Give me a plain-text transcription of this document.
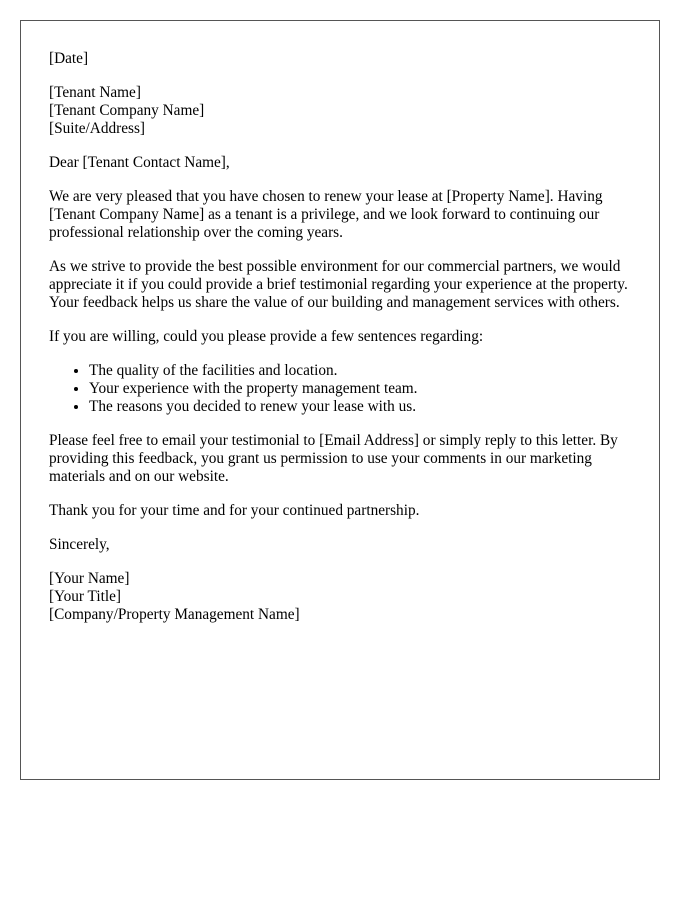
[Date]

[Tenant Name]
[Tenant Company Name]
[Suite/Address]

Dear [Tenant Contact Name],

We are very pleased that you have chosen to renew your lease at [Property Name]. Having [Tenant Company Name] as a tenant is a privilege, and we look forward to continuing our professional relationship over the coming years.

As we strive to provide the best possible environment for our commercial partners, we would appreciate it if you could provide a brief testimonial regarding your experience at the property. Your feedback helps us share the value of our building and management services with others.

If you are willing, could you please provide a few sentences regarding:

• The quality of the facilities and location.
• Your experience with the property management team.
• The reasons you decided to renew your lease with us.

Please feel free to email your testimonial to [Email Address] or simply reply to this letter. By providing this feedback, you grant us permission to use your comments in our marketing materials and on our website.

Thank you for your time and for your continued partnership.

Sincerely,

[Your Name]
[Your Title]
[Company/Property Management Name]
